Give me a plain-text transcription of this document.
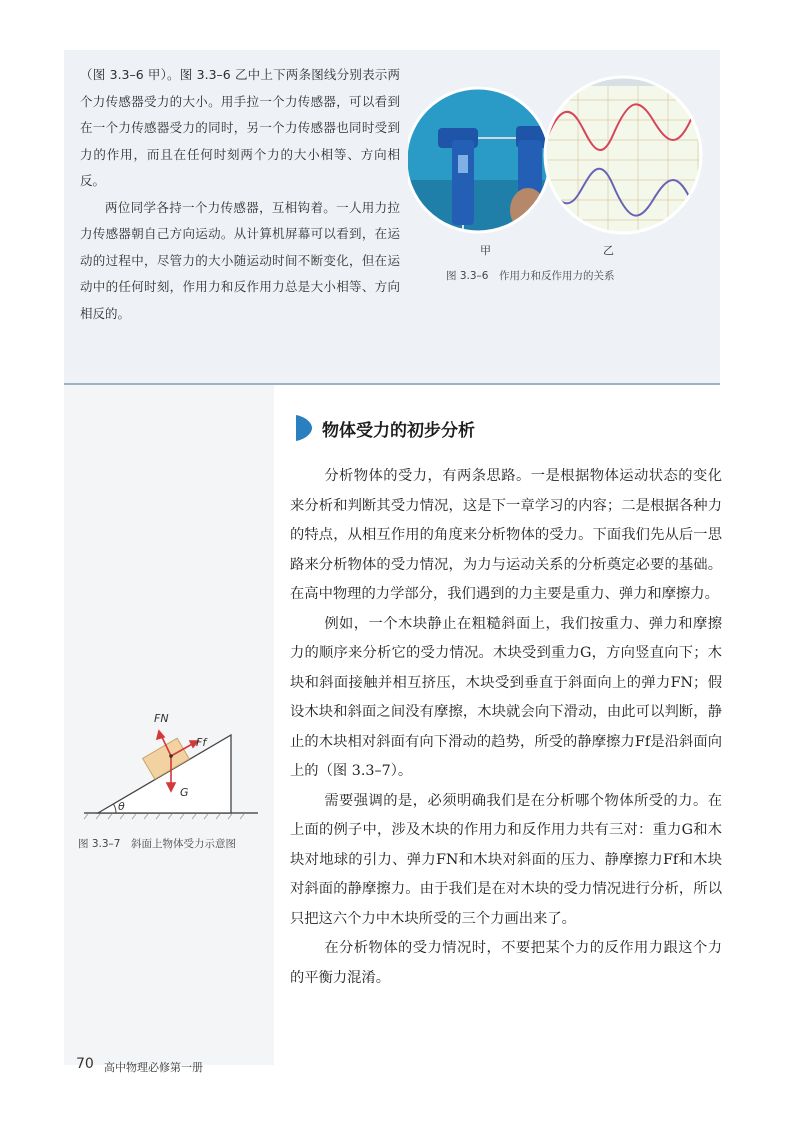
（图 3.3–6 甲）。图 3.3–6 乙中上下两条图线分别表示两个力传感器受力的大小。用手拉一个力传感器，可以看到在一个力传感器受力的同时，另一个力传感器也同时受到力的作用，而且在任何时刻两个力的大小相等、方向相反。

两位同学各持一个力传感器，互相钩着。一人用力拉力传感器朝自己方向运动。从计算机屏幕可以看到，在运动的过程中，尽管力的大小随运动时间不断变化，但在运动中的任何时刻，作用力和反作用力总是大小相等、方向相反的。

甲	乙
图 3.3–6　作用力和反作用力的关系
物体受力的初步分析

分析物体的受力，有两条思路。一是根据物体运动状态的变化来分析和判断其受力情况，这是下一章学习的内容；二是根据各种力的特点，从相互作用的角度来分析物体的受力。下面我们先从后一思路来分析物体的受力情况，为力与运动关系的分析奠定必要的基础。在高中物理的力学部分，我们遇到的力主要是重力、弹力和摩擦力。

例如，一个木块静止在粗糙斜面上，我们按重力、弹力和摩擦力的顺序来分析它的受力情况。木块受到重力G，方向竖直向下；木块和斜面接触并相互挤压，木块受到垂直于斜面向上的弹力FN；假设木块和斜面之间没有摩擦，木块就会向下滑动，由此可以判断，静止的木块相对斜面有向下滑动的趋势，所受的静摩擦力Ff是沿斜面向上的（图 3.3–7）。

需要强调的是，必须明确我们是在分析哪个物体所受的力。在上面的例子中，涉及木块的作用力和反作用力共有三对：重力G和木块对地球的引力、弹力FN和木块对斜面的压力、静摩擦力Ff和木块对斜面的静摩擦力。由于我们是在对木块的受力情况进行分析，所以只把这六个力中木块所受的三个力画出来了。

在分析物体的受力情况时，不要把某个力的反作用力跟这个力的平衡力混淆。

FN
Ff
G
θ
图 3.3–7　斜面上物体受力示意图
70 高中物理必修第一册
